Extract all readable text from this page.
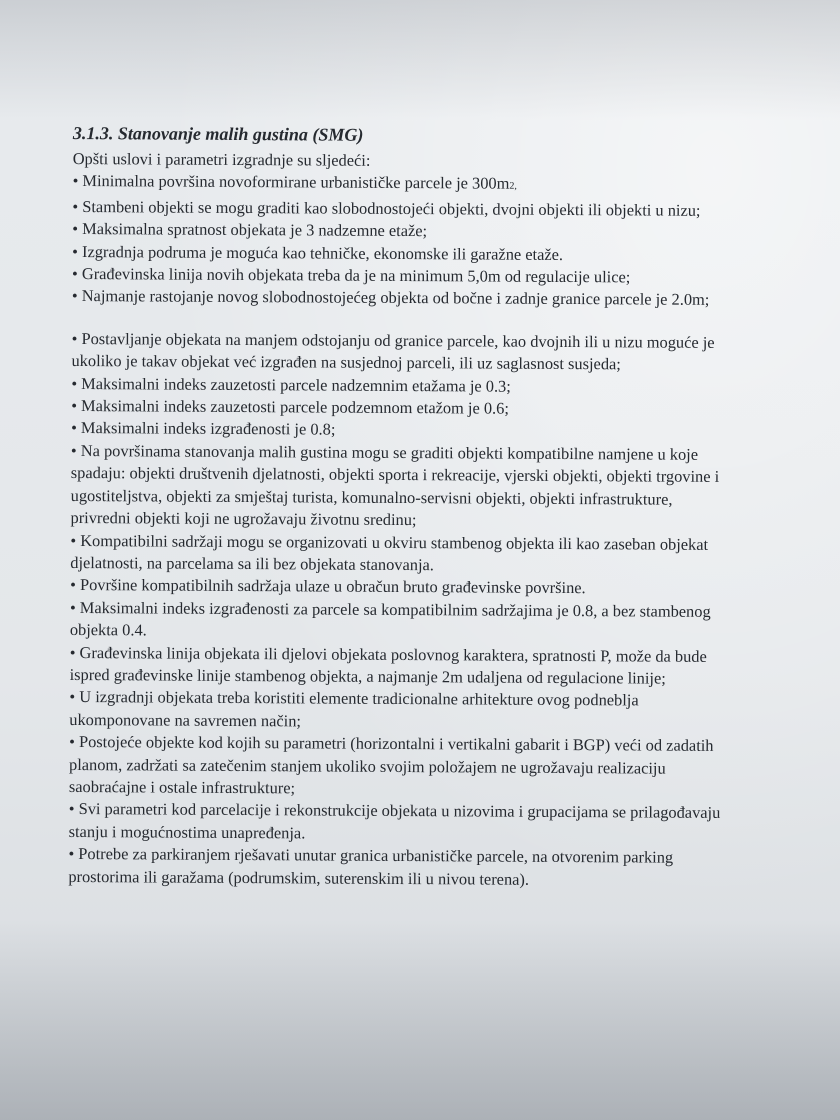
3.1.3. Stanovanje malih gustina (SMG)

Opšti uslovi i parametri izgradnje su sljedeći:

• Minimalna površina novoformirane urbanističke parcele je 300m2,

• Stambeni objekti se mogu graditi kao slobodnostojeći objekti, dvojni objekti ili objekti u nizu;

• Maksimalna spratnost objekata je 3 nadzemne etaže;

• Izgradnja podruma je moguća kao tehničke, ekonomske ili garažne etaže.

• Građevinska linija novih objekata treba da je na minimum 5,0m od regulacije ulice;

• Najmanje rastojanje novog slobodnostojećeg objekta od bočne i zadnje granice parcele je 2.0m;

• Postavljanje objekata na manjem odstojanju od granice parcele, kao dvojnih ili u nizu moguće je

ukoliko je takav objekat već izgrađen na susjednoj parceli, ili uz saglasnost susjeda;

• Maksimalni indeks zauzetosti parcele nadzemnim etažama je 0.3;

• Maksimalni indeks zauzetosti parcele podzemnom etažom je 0.6;

• Maksimalni indeks izgrađenosti je 0.8;

• Na površinama stanovanja malih gustina mogu se graditi objekti kompatibilne namjene u koje

spadaju: objekti društvenih djelatnosti, objekti sporta i rekreacije, vjerski objekti, objekti trgovine i

ugostiteljstva, objekti za smještaj turista, komunalno-servisni objekti, objekti infrastrukture,

privredni objekti koji ne ugrožavaju životnu sredinu;

• Kompatibilni sadržaji mogu se organizovati u okviru stambenog objekta ili kao zaseban objekat

djelatnosti, na parcelama sa ili bez objekata stanovanja.

• Površine kompatibilnih sadržaja ulaze u obračun bruto građevinske površine.

• Maksimalni indeks izgrađenosti za parcele sa kompatibilnim sadržajima je 0.8, a bez stambenog

objekta 0.4.

• Građevinska linija objekata ili djelovi objekata poslovnog karaktera, spratnosti P, može da bude

ispred građevinske linije stambenog objekta, a najmanje 2m udaljena od regulacione linije;

• U izgradnji objekata treba koristiti elemente tradicionalne arhitekture ovog podneblja

ukomponovane na savremen način;

• Postojeće objekte kod kojih su parametri (horizontalni i vertikalni gabarit i BGP) veći od zadatih

planom, zadržati sa zatečenim stanjem ukoliko svojim položajem ne ugrožavaju realizaciju

saobraćajne i ostale infrastrukture;

• Svi parametri kod parcelacije i rekonstrukcije objekata u nizovima i grupacijama se prilagođavaju

stanju i mogućnostima unapređenja.

• Potrebe za parkiranjem rješavati unutar granica urbanističke parcele, na otvorenim parking

prostorima ili garažama (podrumskim, suterenskim ili u nivou terena).
